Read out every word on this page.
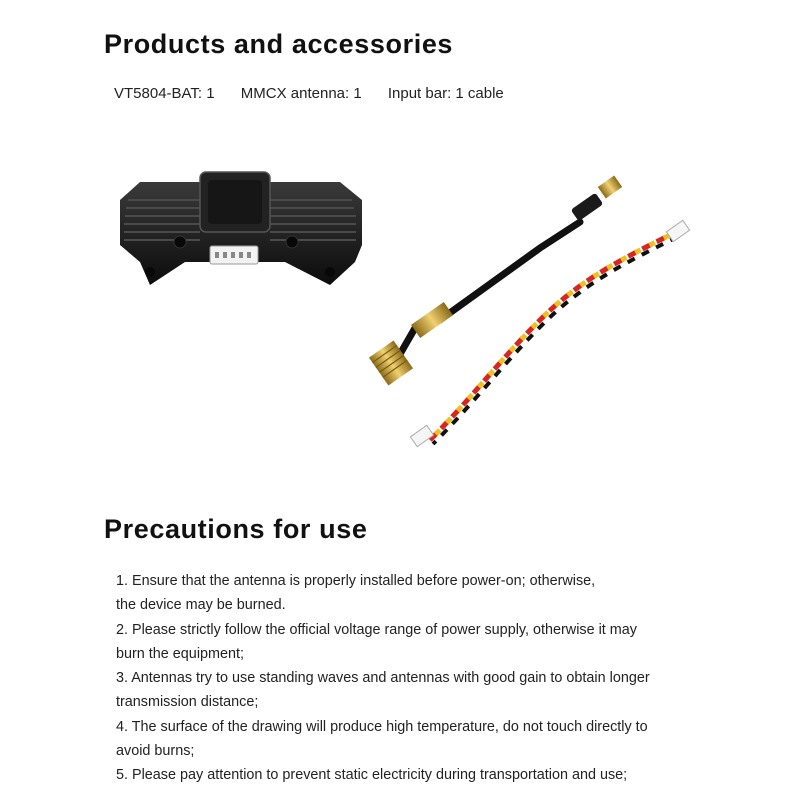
Products and accessories
VT5804-BAT: 1 MMCX antenna: 1 Input bar: 1 cable
Precautions for use

1. Ensure that the antenna is properly installed before power-on; otherwise,

the device may be burned.

2. Please strictly follow the official voltage range of power supply, otherwise it may

burn the equipment;

3. Antennas try to use standing waves and antennas with good gain to obtain longer

transmission distance;

4. The surface of the drawing will produce high temperature, do not touch directly to

avoid burns;

5. Please pay attention to prevent static electricity during transportation and use;
